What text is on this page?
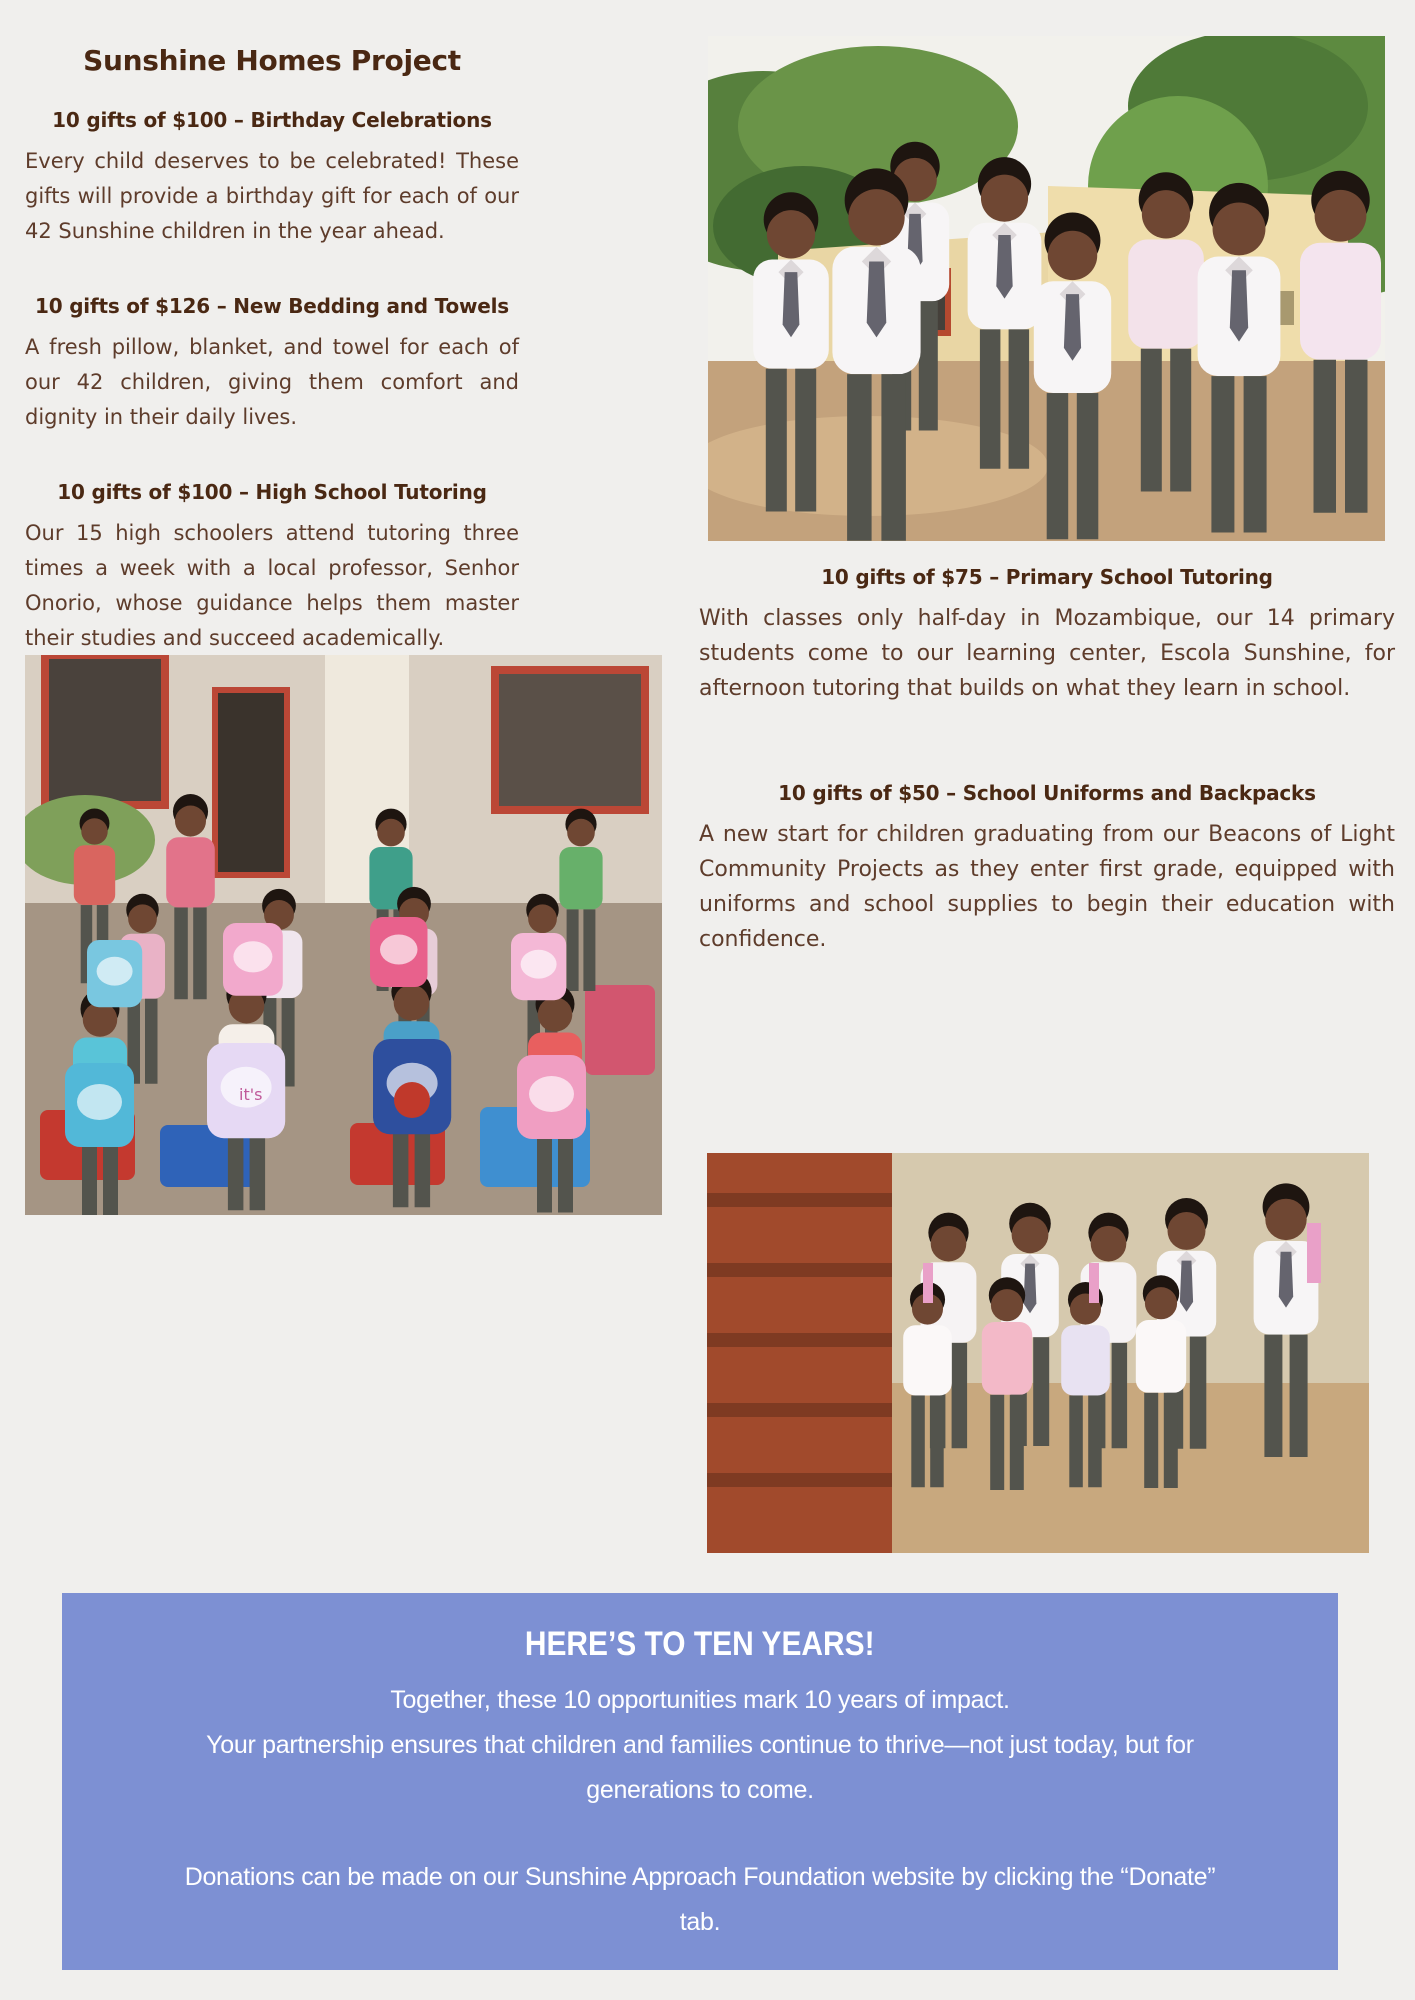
Sunshine Homes Project
10 gifts of $100 – Birthday Celebrations

Every child deserves to be celebrated! These gifts will provide a birthday gift for each of our 42 Sunshine children in the year ahead.

10 gifts of $126 – New Bedding and Towels

A fresh pillow, blanket, and towel for each of our 42 children, giving them comfort and dignity in their daily lives.

10 gifts of $100 – High School Tutoring

Our 15 high schoolers attend tutoring three times a week with a local professor, Senhor Onorio, whose guidance helps them master their studies and succeed academically.

it's
10 gifts of $75 – Primary School Tutoring

With classes only half-day in Mozambique, our 14 primary students come to our learning center, Escola Sunshine, for afternoon tutoring that builds on what they learn in school.

10 gifts of $50 – School Uniforms and Backpacks

A new start for children graduating from our Beacons of Light Community Projects as they enter first grade, equipped with uniforms and school supplies to begin their education with confidence.

HERE’S TO TEN YEARS!

Together, these 10 opportunities mark 10 years of impact.

Your partnership ensures that children and families continue to thrive—not just today, but for generations to come.

Donations can be made on our Sunshine Approach Foundation website by clicking the “Donate” tab.
